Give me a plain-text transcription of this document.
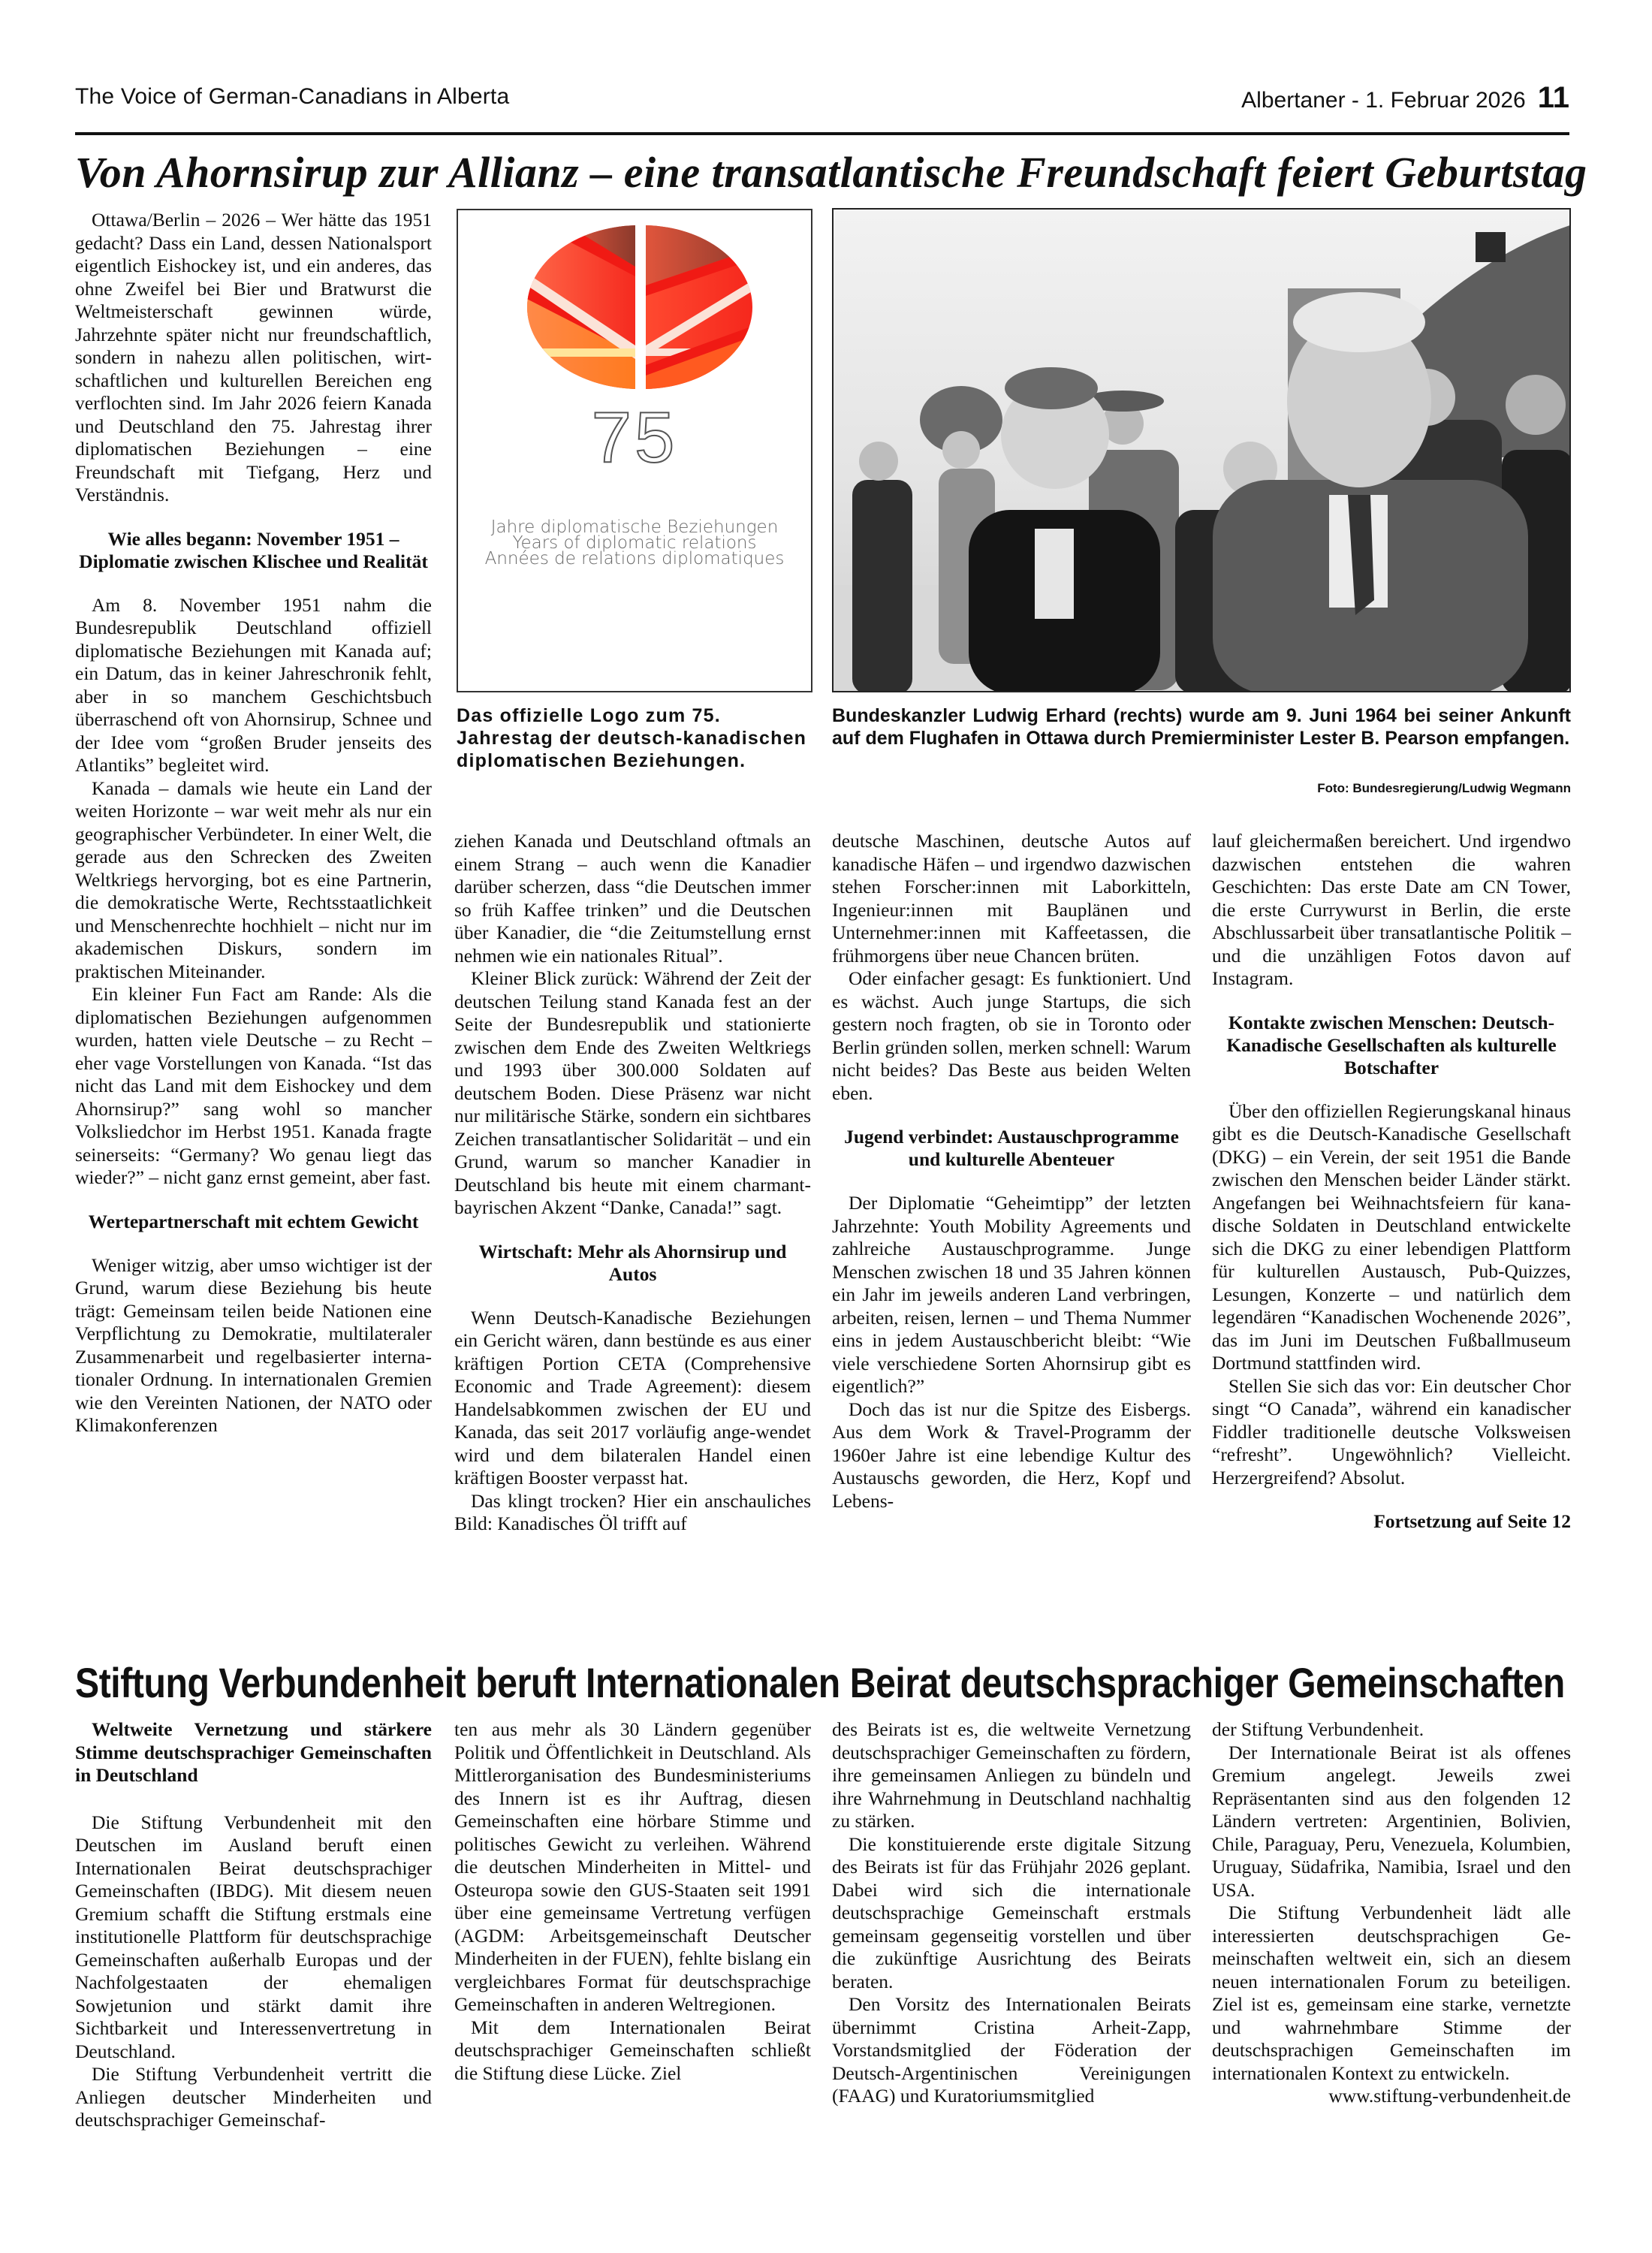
The Voice of German-Canadians in Alberta	Albertaner - 1. Februar 2026 11
Von Ahornsirup zur Allianz – eine transatlantische Freundschaft feiert Geburtstag

Ottawa/Berlin – 2026 – Wer hätte das 1951 gedacht? Dass ein Land, dessen Nationalsport eigentlich Eishockey ist, und ein anderes, das ohne Zweifel bei Bier und Bratwurst die Weltmeisterschaft gewinnen würde, Jahrzehnte später nicht nur freundschaftlich, sondern in nahezu allen politischen, wirtschaftlichen und kulturellen Bereichen eng verflochten sind. Im Jahr 2026 feiern Kanada und Deutschland den 75. Jahrestag ihrer diplomatischen Beziehungen – eine Freundschaft mit Tiefgang, Herz und Verständnis.

Wie alles begann: November 1951 – Diplomatie zwischen Klischee und Realität

Am 8. November 1951 nahm die Bundesrepublik Deutschland offiziell diplomatische Beziehungen mit Kanada auf; ein Datum, das in keiner Jahreschronik fehlt, aber in so manchem Geschichtsbuch überraschend oft von Ahornsirup, Schnee und der Idee vom “großen Bruder jenseits des Atlantiks” begleitet wird.

Kanada – damals wie heute ein Land der weiten Horizonte – war weit mehr als nur ein geographischer Verbündeter. In einer Welt, die gerade aus den Schrecken des Zweiten Weltkriegs hervorging, bot es eine Partnerin, die demokratische Werte, Rechtsstaatlichkeit und Menschenrechte hochhielt – nicht nur im akademischen Diskurs, sondern im praktischen Miteinander.

Ein kleiner Fun Fact am Rande: Als die diplomatischen Beziehungen aufgenommen wurden, hatten viele Deutsche – zu Recht – eher vage Vorstellungen von Kanada. “Ist das nicht das Land mit dem Eishockey und dem Ahornsirup?” sang wohl so mancher Volksliedchor im Herbst 1951. Kanada fragte seinerseits: “Germany? Wo genau liegt das wieder?” – nicht ganz ernst gemeint, aber fast.

Wertepartnerschaft mit echtem Gewicht

Weniger witzig, aber umso wichtiger ist der Grund, warum diese Beziehung bis heute trägt: Gemeinsam teilen beide Nationen eine Verpflichtung zu Demokratie, multilateraler Zusammenarbeit und regelbasierter internationaler Ordnung. In internationalen Gremien wie den Vereinten Nationen, der NATO oder Klimakonferenzen

75
Jahre diplomatische Beziehungen
Years of diplomatic relations
Années de relations diplomatiques
Das offizielle Logo zum 75. Jahrestag der deutsch-kanadischen diplomatischen Beziehungen.
Bundeskanzler Ludwig Erhard (rechts) wurde am 9. Juni 1964 bei seiner Ankunft auf dem Flughafen in Ottawa durch Premierminister Lester B. Pearson empfangen.
Foto: Bundesregierung/Ludwig Wegmann

ziehen Kanada und Deutschland oftmals an einem Strang – auch wenn die Kanadier darüber scherzen, dass “die Deutschen immer so früh Kaffee trinken” und die Deutschen über Kanadier, die “die Zeitumstellung ernst nehmen wie ein nationales Ritual”.

Kleiner Blick zurück: Während der Zeit der deutschen Teilung stand Kanada fest an der Seite der Bundesrepublik und stationierte zwischen dem Ende des Zweiten Weltkriegs und 1993 über 300.000 Soldaten auf deutschem Boden. Diese Präsenz war nicht nur militärische Stärke, sondern ein sichtbares Zeichen transatlantischer Solidarität – und ein Grund, warum so mancher Kanadier in Deutschland bis heute mit einem charmant-bayrischen Akzent “Danke, Canada!” sagt.

Wirtschaft: Mehr als Ahornsirup und Autos

Wenn Deutsch-Kanadische Beziehungen ein Gericht wären, dann bestünde es aus einer kräftigen Portion CETA (Comprehensive Economic and Trade Agreement): diesem Handelsabkommen zwischen der EU und Kanada, das seit 2017 vorläufig ange-wendet wird und dem bilateralen Handel einen kräftigen Booster verpasst hat.

Das klingt trocken? Hier ein anschauliches Bild: Kanadisches Öl trifft auf

deutsche Maschinen, deutsche Autos auf kanadische Häfen – und irgendwo dazwischen stehen Forscher:innen mit Laborkitteln, Ingenieur:innen mit Bauplänen und Unternehmer:innen mit Kaffeetassen, die frühmorgens über neue Chancen brüten.

Oder einfacher gesagt: Es funktioniert. Und es wächst. Auch junge Startups, die sich gestern noch fragten, ob sie in Toronto oder Berlin gründen sollen, merken schnell: Warum nicht beides? Das Beste aus beiden Welten eben.

Jugend verbindet: Austauschprogramme und kulturelle Abenteuer

Der Diplomatie “Geheimtipp” der letzten Jahrzehnte: Youth Mobility Agreements und zahlreiche Austauschprogramme. Junge Menschen zwischen 18 und 35 Jahren können ein Jahr im jeweils anderen Land verbringen, arbeiten, reisen, lernen – und Thema Nummer eins in jedem Austauschbericht bleibt: “Wie viele verschiedene Sorten Ahornsirup gibt es eigentlich?”

Doch das ist nur die Spitze des Eisbergs. Aus dem Work & Travel-Programm der 1960er Jahre ist eine lebendige Kultur des Austauschs geworden, die Herz, Kopf und Lebens-

lauf gleichermaßen bereichert. Und irgendwo dazwischen entstehen die wahren Geschichten: Das erste Date am CN Tower, die erste Currywurst in Berlin, die erste Abschlussarbeit über transatlantische Politik – und die unzähligen Fotos davon auf Instagram.

Kontakte zwischen Menschen: Deutsch-Kanadische Gesellschaften als kulturelle Botschafter

Über den offiziellen Regierungskanal hinaus gibt es die Deutsch-Kanadische Gesellschaft (DKG) – ein Verein, der seit 1951 die Bande zwischen den Menschen beider Länder stärkt. Angefangen bei Weihnachtsfeiern für kanadische Soldaten in Deutschland entwickelte sich die DKG zu einer lebendigen Plattform für kulturellen Austausch, Pub-Quizzes, Lesungen, Konzerte – und natürlich dem legendären “Kanadischen Wochenende 2026”, das im Juni im Deutschen Fußballmuseum Dortmund stattfinden wird.

Stellen Sie sich das vor: Ein deutscher Chor singt “O Canada”, während ein kanadischer Fiddler traditionelle deutsche Volksweisen “refresht”. Ungewöhnlich? Vielleicht. Herzergreifend? Absolut.

Fortsetzung auf Seite 12
Stiftung Verbundenheit beruft Internationalen Beirat deutschsprachiger Gemeinschaften
Weltweite Vernetzung und stärkere Stimme deutschsprachiger Gemeinschaften in Deutschland

Die Stiftung Verbundenheit mit den Deutschen im Ausland beruft einen Internationalen Beirat deutschsprachiger Gemeinschaften (IBDG). Mit diesem neuen Gremium schafft die Stiftung erstmals eine institutionelle Plattform für deutschsprachige Gemeinschaften außerhalb Europas und der Nachfolgestaaten der ehemaligen Sowjetunion und stärkt damit ihre Sichtbarkeit und Interessenvertretung in Deutschland.

Die Stiftung Verbundenheit vertritt die Anliegen deutscher Minderheiten und deutschsprachiger Gemeinschaf-

ten aus mehr als 30 Ländern gegenüber Politik und Öffentlichkeit in Deutschland. Als Mittlerorganisation des Bundesministeriums des Innern ist es ihr Auftrag, diesen Gemeinschaften eine hörbare Stimme und politisches Gewicht zu verleihen. Während die deutschen Minderheiten in Mittel- und Osteuropa sowie den GUS-Staaten seit 1991 über eine gemeinsame Vertretung verfügen (AGDM: Arbeitsgemeinschaft Deutscher Minderheiten in der FUEN), fehlte bislang ein vergleichbares Format für deutschsprachige Gemeinschaften in anderen Weltregionen.

Mit dem Internationalen Beirat deutschsprachiger Gemeinschaften schließt die Stiftung diese Lücke. Ziel

des Beirats ist es, die weltweite Vernetzung deutschsprachiger Gemeinschaften zu fördern, ihre gemeinsamen Anliegen zu bündeln und ihre Wahrnehmung in Deutschland nachhaltig zu stärken.

Die konstituierende erste digitale Sitzung des Beirats ist für das Frühjahr 2026 geplant. Dabei wird sich die internationale deutschsprachige Gemeinschaft erstmals gemeinsam gegenseitig vorstellen und über die zukünftige Ausrichtung des Beirats beraten.

Den Vorsitz des Internationalen Beirats übernimmt Cristina Arheit-Zapp, Vorstandsmitglied der Föderation der Deutsch-Argentinischen Vereinigungen (FAAG) und Kuratoriumsmitglied

der Stiftung Verbundenheit.

Der Internationale Beirat ist als offenes Gremium angelegt. Jeweils zwei Repräsentanten sind aus den folgenden 12 Ländern vertreten: Argentinien, Bolivien, Chile, Paraguay, Peru, Venezuela, Kolumbien, Uruguay, Südafrika, Namibia, Israel und den USA.

Die Stiftung Verbundenheit lädt alle interessierten deutschsprachigen Gemeinschaften weltweit ein, sich an diesem neuen internationalen Forum zu beteiligen. Ziel ist es, gemeinsam eine starke, vernetzte und wahrnehmbare Stimme der deutschsprachigen Gemeinschaften im internationalen Kontext zu entwickeln.

www.stiftung-verbundenheit.de
